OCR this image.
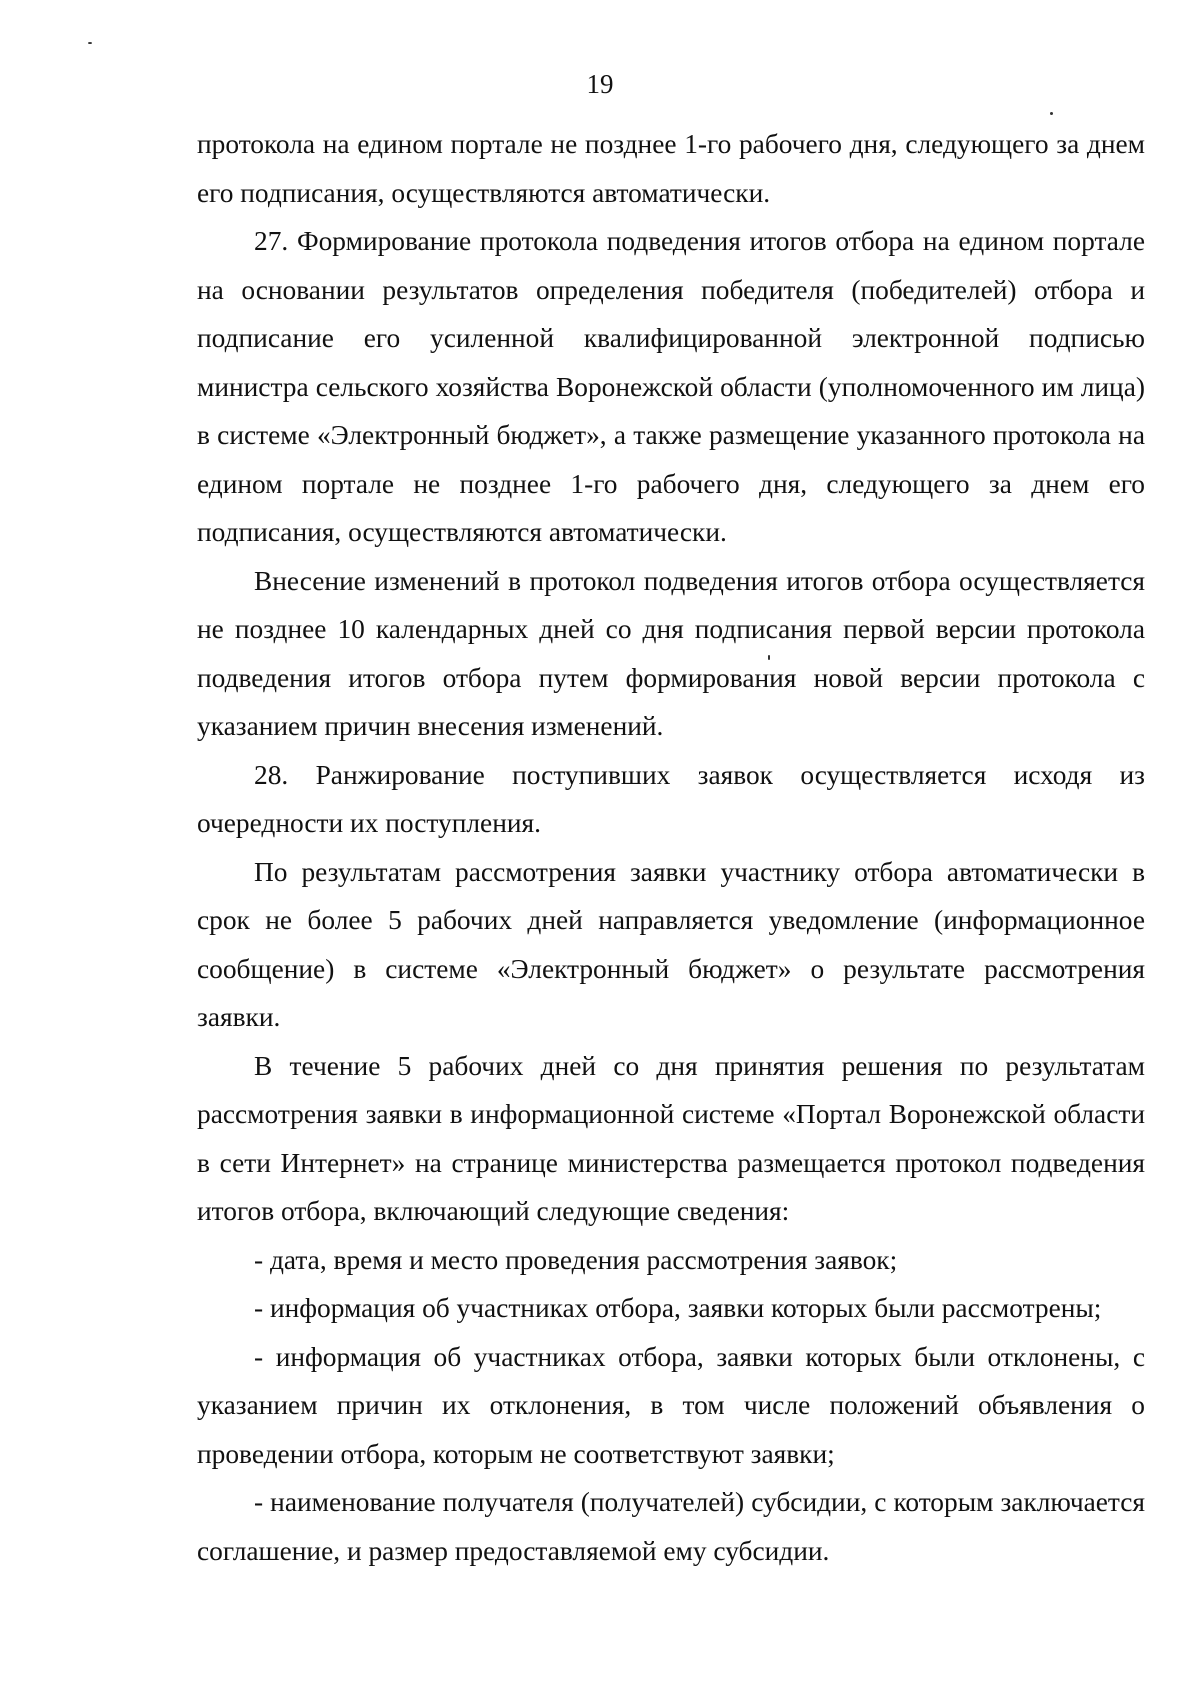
19

протокола на едином портале не позднее 1-го рабочего дня, следующего за днем его подписания, осуществляются автоматически.

27. Формирование протокола подведения итогов отбора на едином портале на основании результатов определения победителя (победителей) отбора и подписание его усиленной квалифицированной электронной подписью министра сельского хозяйства Воронежской области (уполномоченного им лица) в системе «Электронный бюджет», а также размещение указанного протокола на едином портале не позднее 1-го рабочего дня, следующего за днем его подписания, осуществляются автоматически.

Внесение изменений в протокол подведения итогов отбора осуществляется не позднее 10 календарных дней со дня подписания первой версии протокола подведения итогов отбора путем формирования новой версии протокола с указанием причин внесения изменений.

28. Ранжирование поступивших заявок осуществляется исходя из очередности их поступления.

По результатам рассмотрения заявки участнику отбора автоматически в срок не более 5 рабочих дней направляется уведомление (информационное сообщение) в системе «Электронный бюджет» о результате рассмотрения заявки.

В течение 5 рабочих дней со дня принятия решения по результатам рассмотрения заявки в информационной системе «Портал Воронежской области в сети Интернет» на странице министерства размещается протокол подведения итогов отбора, включающий следующие сведения:

- дата, время и место проведения рассмотрения заявок;

- информация об участниках отбора, заявки которых были рассмотрены;

- информация об участниках отбора, заявки которых были отклонены, с указанием причин их отклонения, в том числе положений объявления о проведении отбора, которым не соответствуют заявки;

- наименование получателя (получателей) субсидии, с которым заключается соглашение, и размер предоставляемой ему субсидии.
